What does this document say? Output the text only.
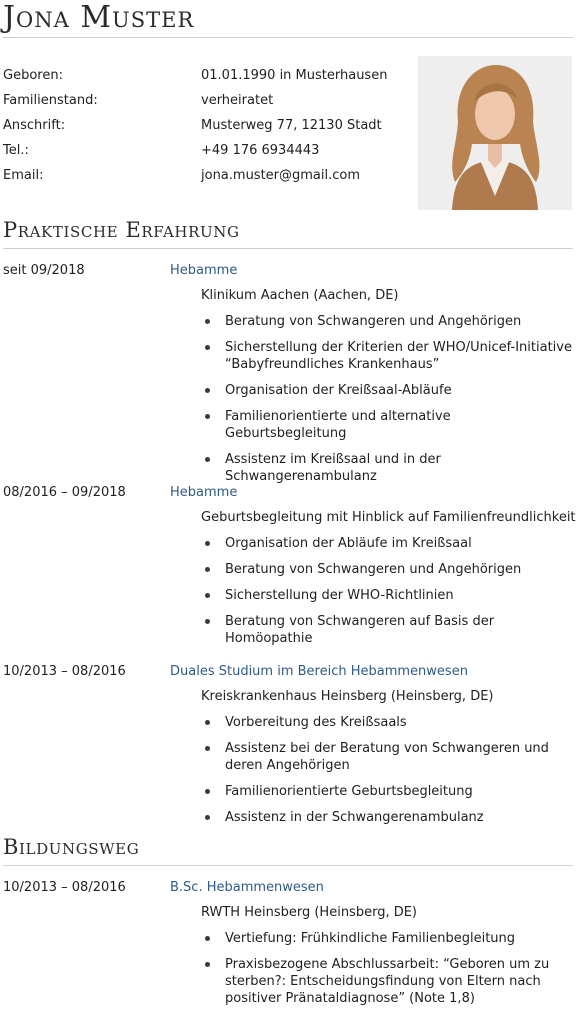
Jona Muster
Geboren:	01.01.1990 in Musterhausen
Familienstand:	verheiratet
Anschrift:	Musterweg 77, 12130 Stadt
Tel.:	+49 176 6934443
Email:	jona.muster@gmail.com
Praktische Erfahrung
seit 09/2018	Hebamme
Klinikum Aachen (Aachen, DE)
Beratung von Schwangeren und Angehörigen
Sicherstellung der Kriterien der WHO/Unicef-Initiative “Babyfreundliches Krankenhaus”
Organisation der Kreißsaal-Abläufe
Familienorientierte und alternative Geburtsbegleitung
Assistenz im Kreißsaal und in der Schwangerenambulanz
08/2016 – 09/2018	Hebamme
Geburtsbegleitung mit Hinblick auf Familienfreundlichkeit
Organisation der Abläufe im Kreißsaal
Beratung von Schwangeren und Angehörigen
Sicherstellung der WHO-Richtlinien
Beratung von Schwangeren auf Basis der Homöopathie
10/2013 – 08/2016	Duales Studium im Bereich Hebammenwesen
Kreiskrankenhaus Heinsberg (Heinsberg, DE)
Vorbereitung des Kreißsaals
Assistenz bei der Beratung von Schwangeren und deren Angehörigen
Familienorientierte Geburtsbegleitung
Assistenz in der Schwangerenambulanz
Bildungsweg
10/2013 – 08/2016	B.Sc. Hebammenwesen
RWTH Heinsberg (Heinsberg, DE)
Vertiefung: Frühkindliche Familienbegleitung
Praxisbezogene Abschlussarbeit: “Geboren um zu sterben?: Entscheidungsfindung von Eltern nach positiver Pränataldiagnose” (Note 1,8)
